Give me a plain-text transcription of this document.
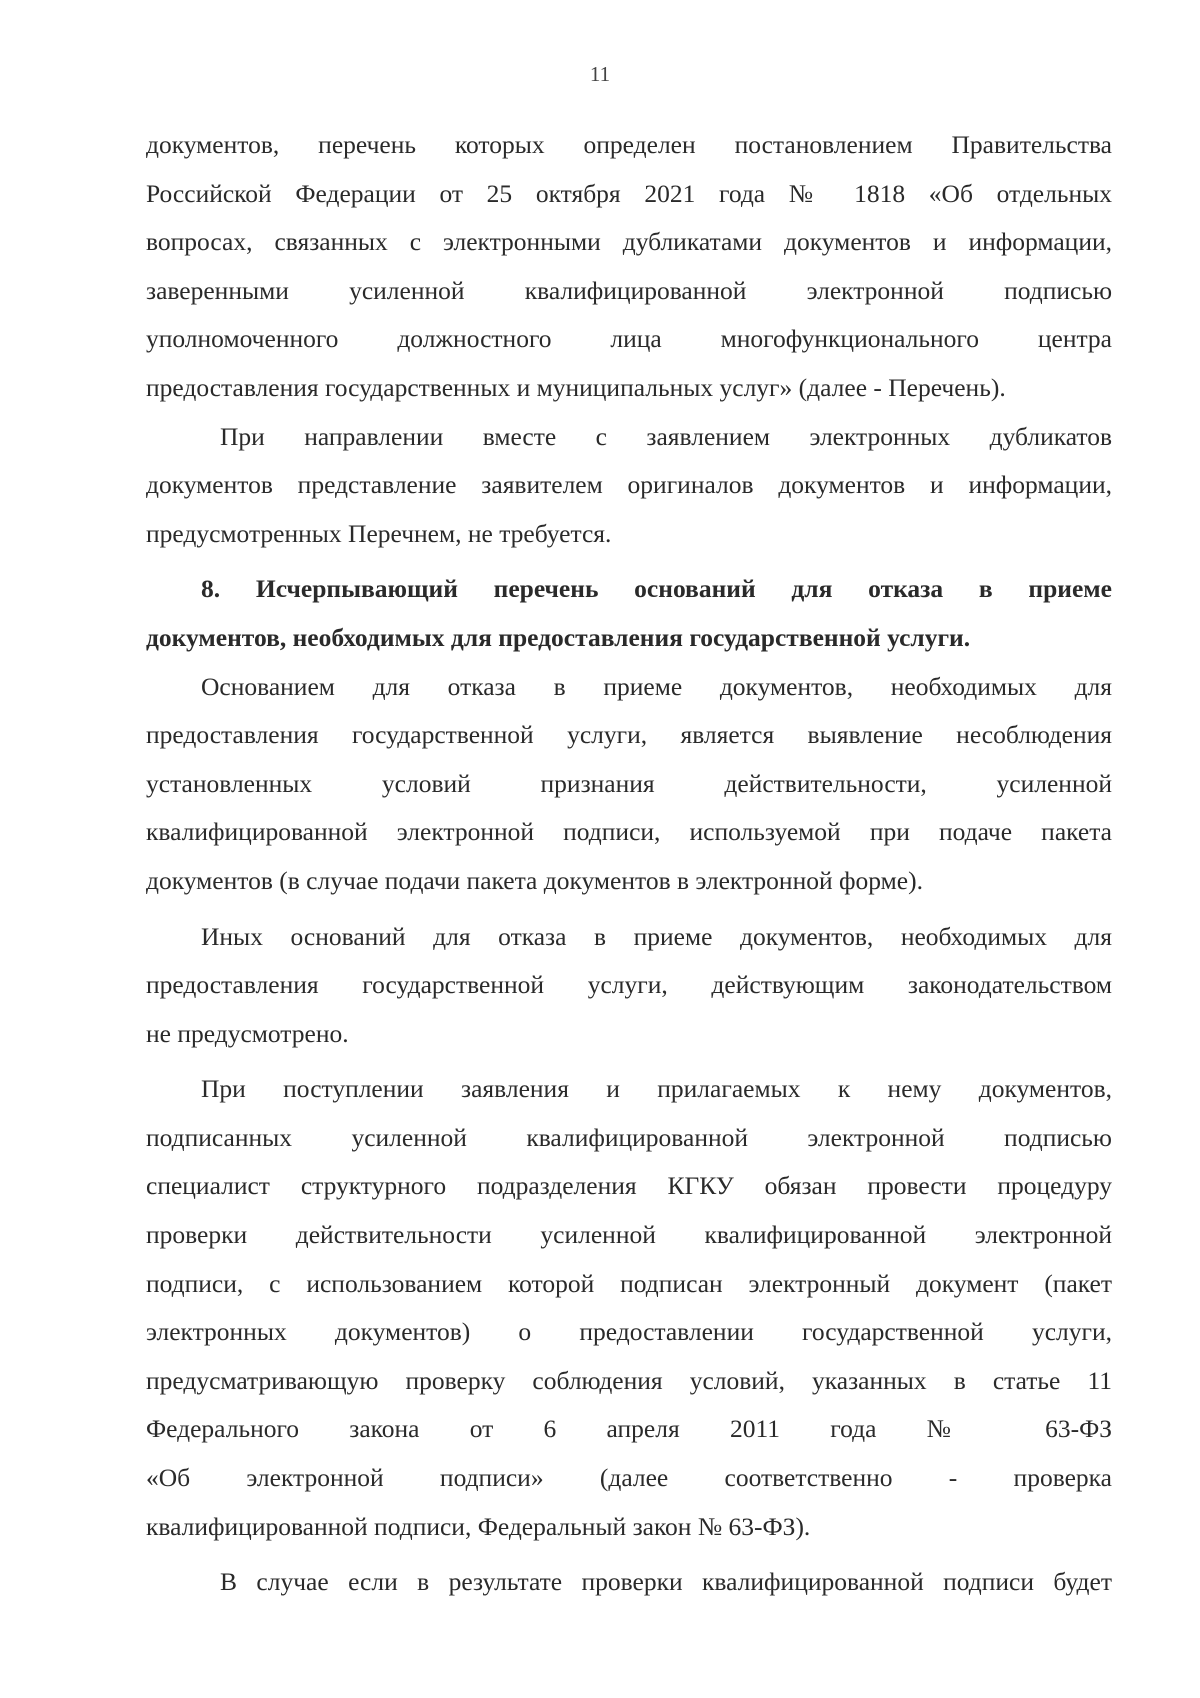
11

документов, перечень которых определен постановлением Правительства

Российской Федерации от 25 октября 2021 года № 1818 «Об отдельных

вопросах, связанных с электронными дубликатами документов и информации,

заверенными усиленной квалифицированной электронной подписью

уполномоченного должностного лица многофункционального центра

предоставления государственных и муниципальных услуг» (далее - Перечень).

При направлении вместе с заявлением электронных дубликатов

документов представление заявителем оригиналов документов и информации,

предусмотренных Перечнем, не требуется.

8. Исчерпывающий перечень оснований для отказа в приеме

документов, необходимых для предоставления государственной услуги.

Основанием для отказа в приеме документов, необходимых для

предоставления государственной услуги, является выявление несоблюдения

установленных условий признания действительности, усиленной

квалифицированной электронной подписи, используемой при подаче пакета

документов (в случае подачи пакета документов в электронной форме).

Иных оснований для отказа в приеме документов, необходимых для

предоставления государственной услуги, действующим законодательством

не предусмотрено.

При поступлении заявления и прилагаемых к нему документов,

подписанных усиленной квалифицированной электронной подписью

специалист структурного подразделения КГКУ обязан провести процедуру

проверки действительности усиленной квалифицированной электронной

подписи, с использованием которой подписан электронный документ (пакет

электронных документов) о предоставлении государственной услуги,

предусматривающую проверку соблюдения условий, указанных в статье 11

Федерального закона от 6 апреля 2011 года № 63-ФЗ

«Об электронной подписи» (далее соответственно - проверка

квалифицированной подписи, Федеральный закон № 63-ФЗ).

В случае если в результате проверки квалифицированной подписи будет
